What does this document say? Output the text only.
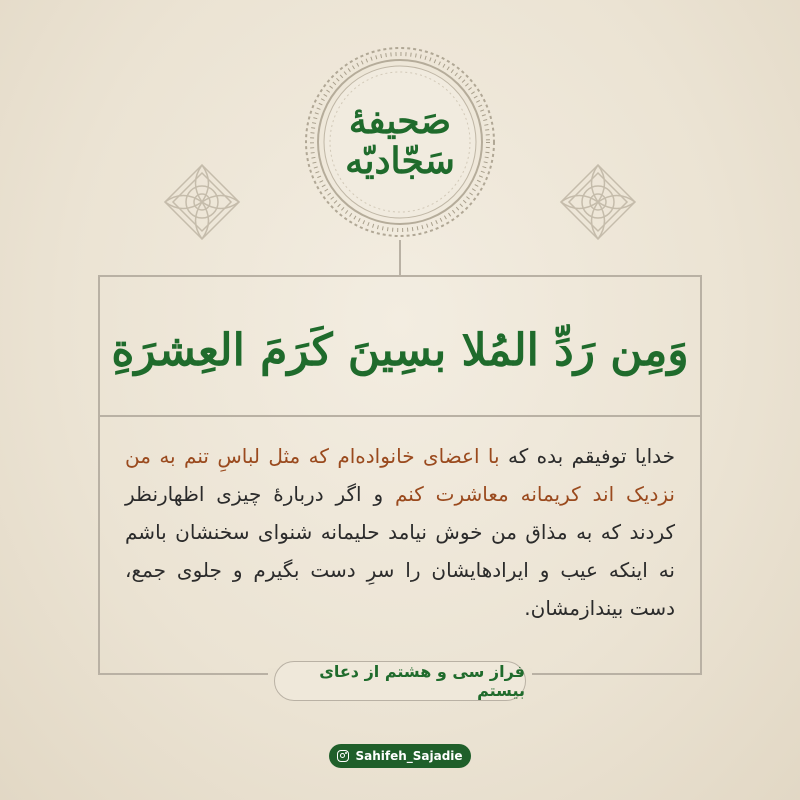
صَحیفهٔ
سَجّادیّه
وَمِن رَدِّ المُلا بسِینَ کَرَمَ العِشرَةِ
خدایا توفیقم بده که با اعضای خانواده‌ام که مثل لباسِ تنم به من نزدیک اند کریمانه معاشرت کنم و اگر دربارهٔ چیزی اظهارنظر کردند که به مذاق من خوش نیامد حلیمانه شنوای سخنشان باشم نه اینکه عیب و ایرادهایشان را سرِ دست بگیرم و جلوی جمع، دست بیندازمشان.
فراز سی و هشتم از دعای بیستم
Sahifeh_Sajadie
